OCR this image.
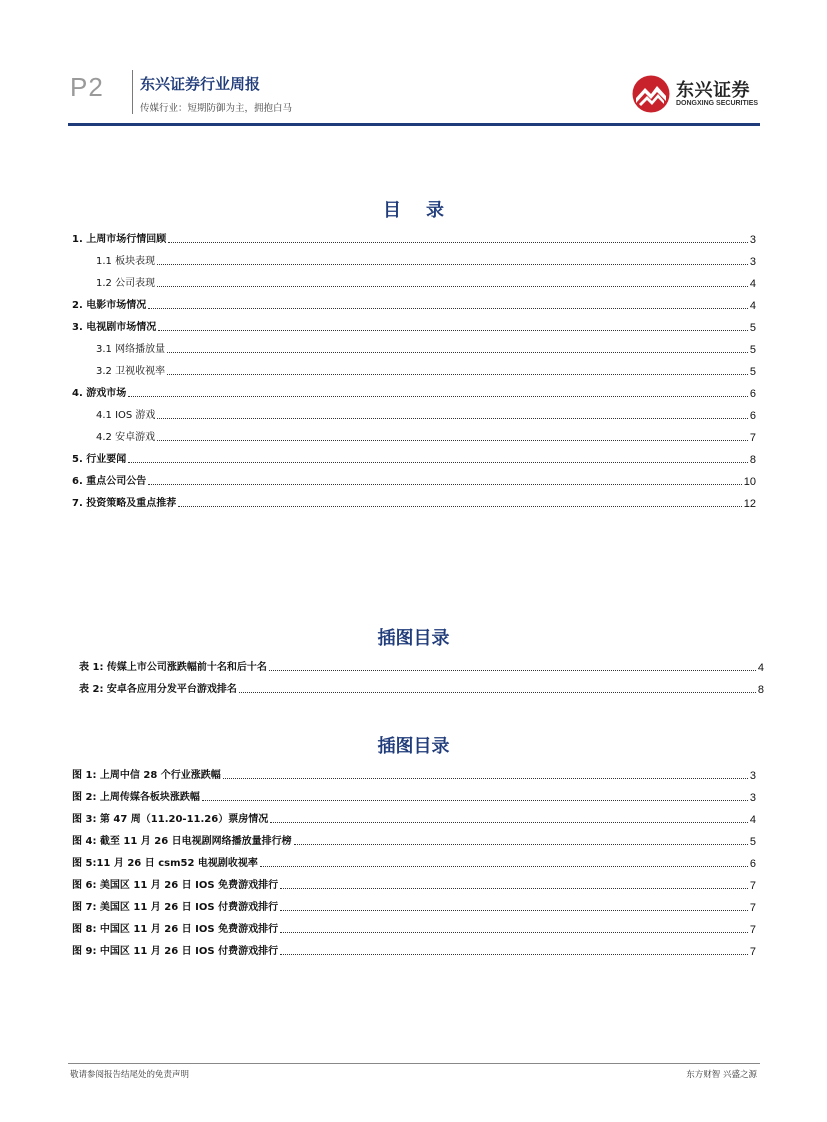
P2 东兴证券行业周报
传媒行业：短期防御为主，拥抱白马
东兴证券
DONGXING SECURITIES
目    录
1. 上周市场行情回顾	3
1.1 板块表现	3
1.2 公司表现	4
2. 电影市场情况	4
3. 电视剧市场情况	5
3.1 网络播放量	5
3.2 卫视收视率	5
4. 游戏市场	6
4.1 IOS 游戏	6
4.2 安卓游戏	7
5. 行业要闻	8
6. 重点公司公告	10
7. 投资策略及重点推荐	12
插图目录
表 1: 传媒上市公司涨跌幅前十名和后十名	4
表 2: 安卓各应用分发平台游戏排名	8
插图目录
图 1: 上周中信 28 个行业涨跌幅	3
图 2: 上周传媒各板块涨跌幅	3
图 3: 第 47 周（11.20-11.26）票房情况	4
图 4: 截至 11 月 26 日电视剧网络播放量排行榜	5
图 5:11 月 26 日 csm52 电视剧收视率	6
图 6: 美国区 11 月 26 日 IOS 免费游戏排行	7
图 7: 美国区 11 月 26 日 IOS 付费游戏排行	7
图 8: 中国区 11 月 26 日 IOS 免费游戏排行	7
图 9: 中国区 11 月 26 日 IOS 付费游戏排行	7
敬请参阅报告结尾处的免责声明	东方财智 兴盛之源
